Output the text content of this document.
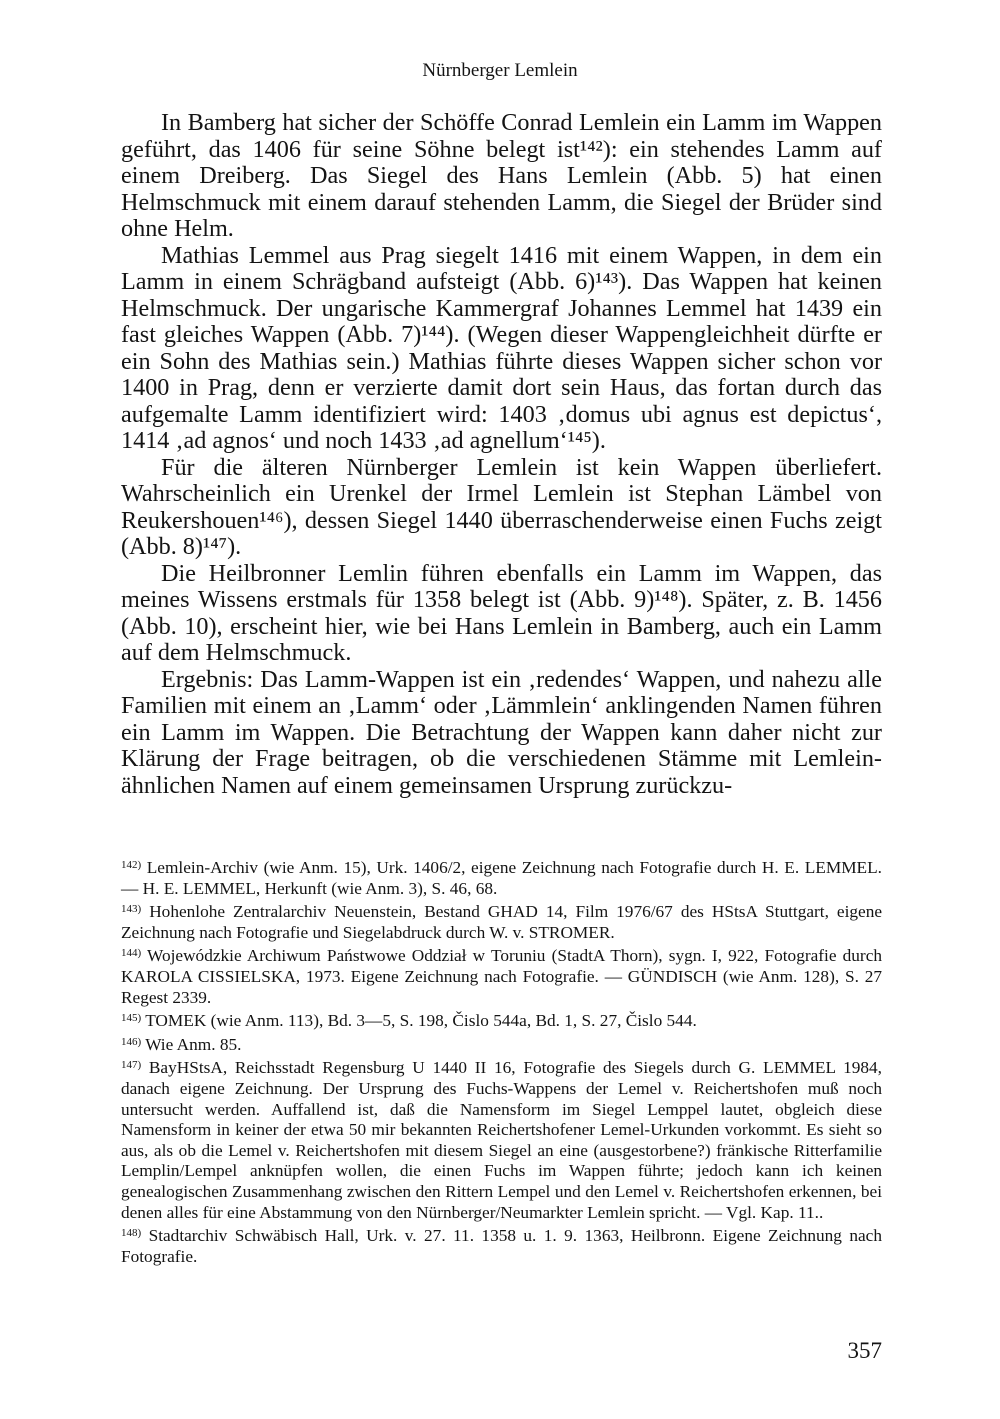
Nürnberger Lemlein

In Bamberg hat sicher der Schöffe Conrad Lemlein ein Lamm im Wappen geführt, das 1406 für seine Söhne belegt ist¹⁴²): ein stehendes Lamm auf einem Dreiberg. Das Siegel des Hans Lemlein (Abb. 5) hat einen Helmschmuck mit einem darauf stehenden Lamm, die Siegel der Brüder sind ohne Helm.

Mathias Lemmel aus Prag siegelt 1416 mit einem Wappen, in dem ein Lamm in einem Schrägband aufsteigt (Abb. 6)¹⁴³). Das Wappen hat keinen Helmschmuck. Der ungarische Kammergraf Johannes Lemmel hat 1439 ein fast gleiches Wappen (Abb. 7)¹⁴⁴). (Wegen dieser Wappengleichheit dürfte er ein Sohn des Mathias sein.) Mathias führte dieses Wappen sicher schon vor 1400 in Prag, denn er verzierte damit dort sein Haus, das fortan durch das aufgemalte Lamm identifiziert wird: 1403 ‚domus ubi agnus est depictus‘, 1414 ‚ad agnos‘ und noch 1433 ‚ad agnellum‘¹⁴⁵).

Für die älteren Nürnberger Lemlein ist kein Wappen überliefert. Wahrscheinlich ein Urenkel der Irmel Lemlein ist Stephan Lämbel von Reukershouen¹⁴⁶), dessen Siegel 1440 überraschenderweise einen Fuchs zeigt (Abb. 8)¹⁴⁷).

Die Heilbronner Lemlin führen ebenfalls ein Lamm im Wappen, das meines Wissens erstmals für 1358 belegt ist (Abb. 9)¹⁴⁸). Später, z. B. 1456 (Abb. 10), erscheint hier, wie bei Hans Lemlein in Bamberg, auch ein Lamm auf dem Helmschmuck.

Ergebnis: Das Lamm-Wappen ist ein ‚redendes‘ Wappen, und nahezu alle Familien mit einem an ‚Lamm‘ oder ‚Lämmlein‘ anklingenden Namen führen ein Lamm im Wappen. Die Betrachtung der Wappen kann daher nicht zur Klärung der Frage beitragen, ob die verschiedenen Stämme mit Lemlein-ähnlichen Namen auf einem gemeinsamen Ursprung zurückzu-

$^{142)}$ Lemlein-Archiv (wie Anm. 15), Urk. 1406/2, eigene Zeichnung nach Fotografie durch H. E. LEMMEL. — H. E. LEMMEL, Herkunft (wie Anm. 3), S. 46, 68.

$^{143)}$ Hohenlohe Zentralarchiv Neuenstein, Bestand GHAD 14, Film 1976/67 des HStsA Stuttgart, eigene Zeichnung nach Fotografie und Siegelabdruck durch W. v. STROMER.

$^{144)}$ Wojewódzkie Archiwum Państwowe Oddział w Toruniu (StadtA Thorn), sygn. I, 922, Fotografie durch KAROLA CISSIELSKA, 1973. Eigene Zeichnung nach Fotografie. — GÜNDISCH (wie Anm. 128), S. 27 Regest 2339.

$^{145)}$ TOMEK (wie Anm. 113), Bd. 3—5, S. 198, Čislo 544a, Bd. 1, S. 27, Čislo 544.

$^{146)}$ Wie Anm. 85.

$^{147)}$ BayHStsA, Reichsstadt Regensburg U 1440 II 16, Fotografie des Siegels durch G. LEMMEL 1984, danach eigene Zeichnung. Der Ursprung des Fuchs-Wappens der Lemel v. Reichertshofen muß noch untersucht werden. Auffallend ist, daß die Namensform im Siegel Lemppel lautet, obgleich diese Namensform in keiner der etwa 50 mir bekannten Reichertshofener Lemel-Urkunden vorkommt. Es sieht so aus, als ob die Lemel v. Reichertshofen mit diesem Siegel an eine (ausgestorbene?) fränkische Ritterfamilie Lemplin/Lempel anknüpfen wollen, die einen Fuchs im Wappen führte; jedoch kann ich keinen genealogischen Zusammenhang zwischen den Rittern Lempel und den Lemel v. Reichertshofen erkennen, bei denen alles für eine Abstammung von den Nürnberger/Neumarkter Lemlein spricht. — Vgl. Kap. 11..

$^{148)}$ Stadtarchiv Schwäbisch Hall, Urk. v. 27. 11. 1358 u. 1. 9. 1363, Heilbronn. Eigene Zeichnung nach Fotografie.

357
